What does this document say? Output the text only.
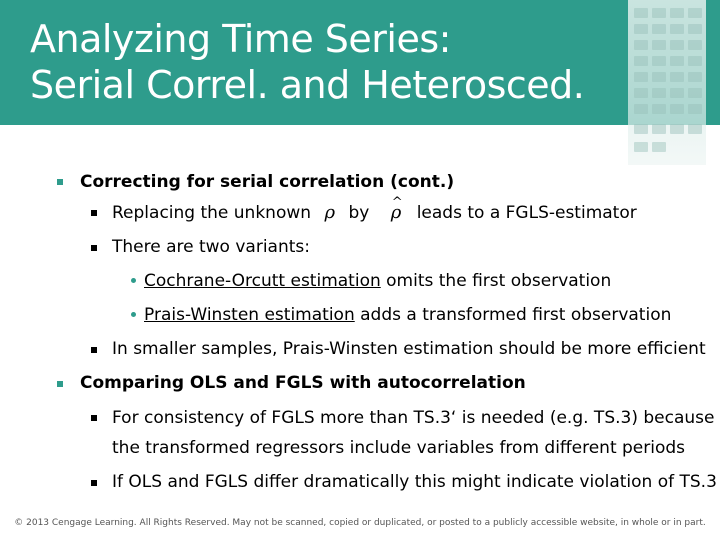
Analyzing Time Series:
Serial Correl. and Heterosced.
Correcting for serial correlation (cont.)
Replacing the unknown ρ by ^ ρ leads to a FGLS-estimator
There are two variants:
Cochrane-Orcutt estimation omits the first observation
Prais-Winsten estimation adds a transformed first observation
In smaller samples, Prais-Winsten estimation should be more efficient
Comparing OLS and FGLS with autocorrelation
For consistency of FGLS more than TS.3‘ is needed (e.g. TS.3) because
the transformed regressors include variables from different periods
If OLS and FGLS differ dramatically this might indicate violation of TS.3
© 2013 Cengage Learning. All Rights Reserved. May not be scanned, copied or duplicated, or posted to a publicly accessible website, in whole or in part.
